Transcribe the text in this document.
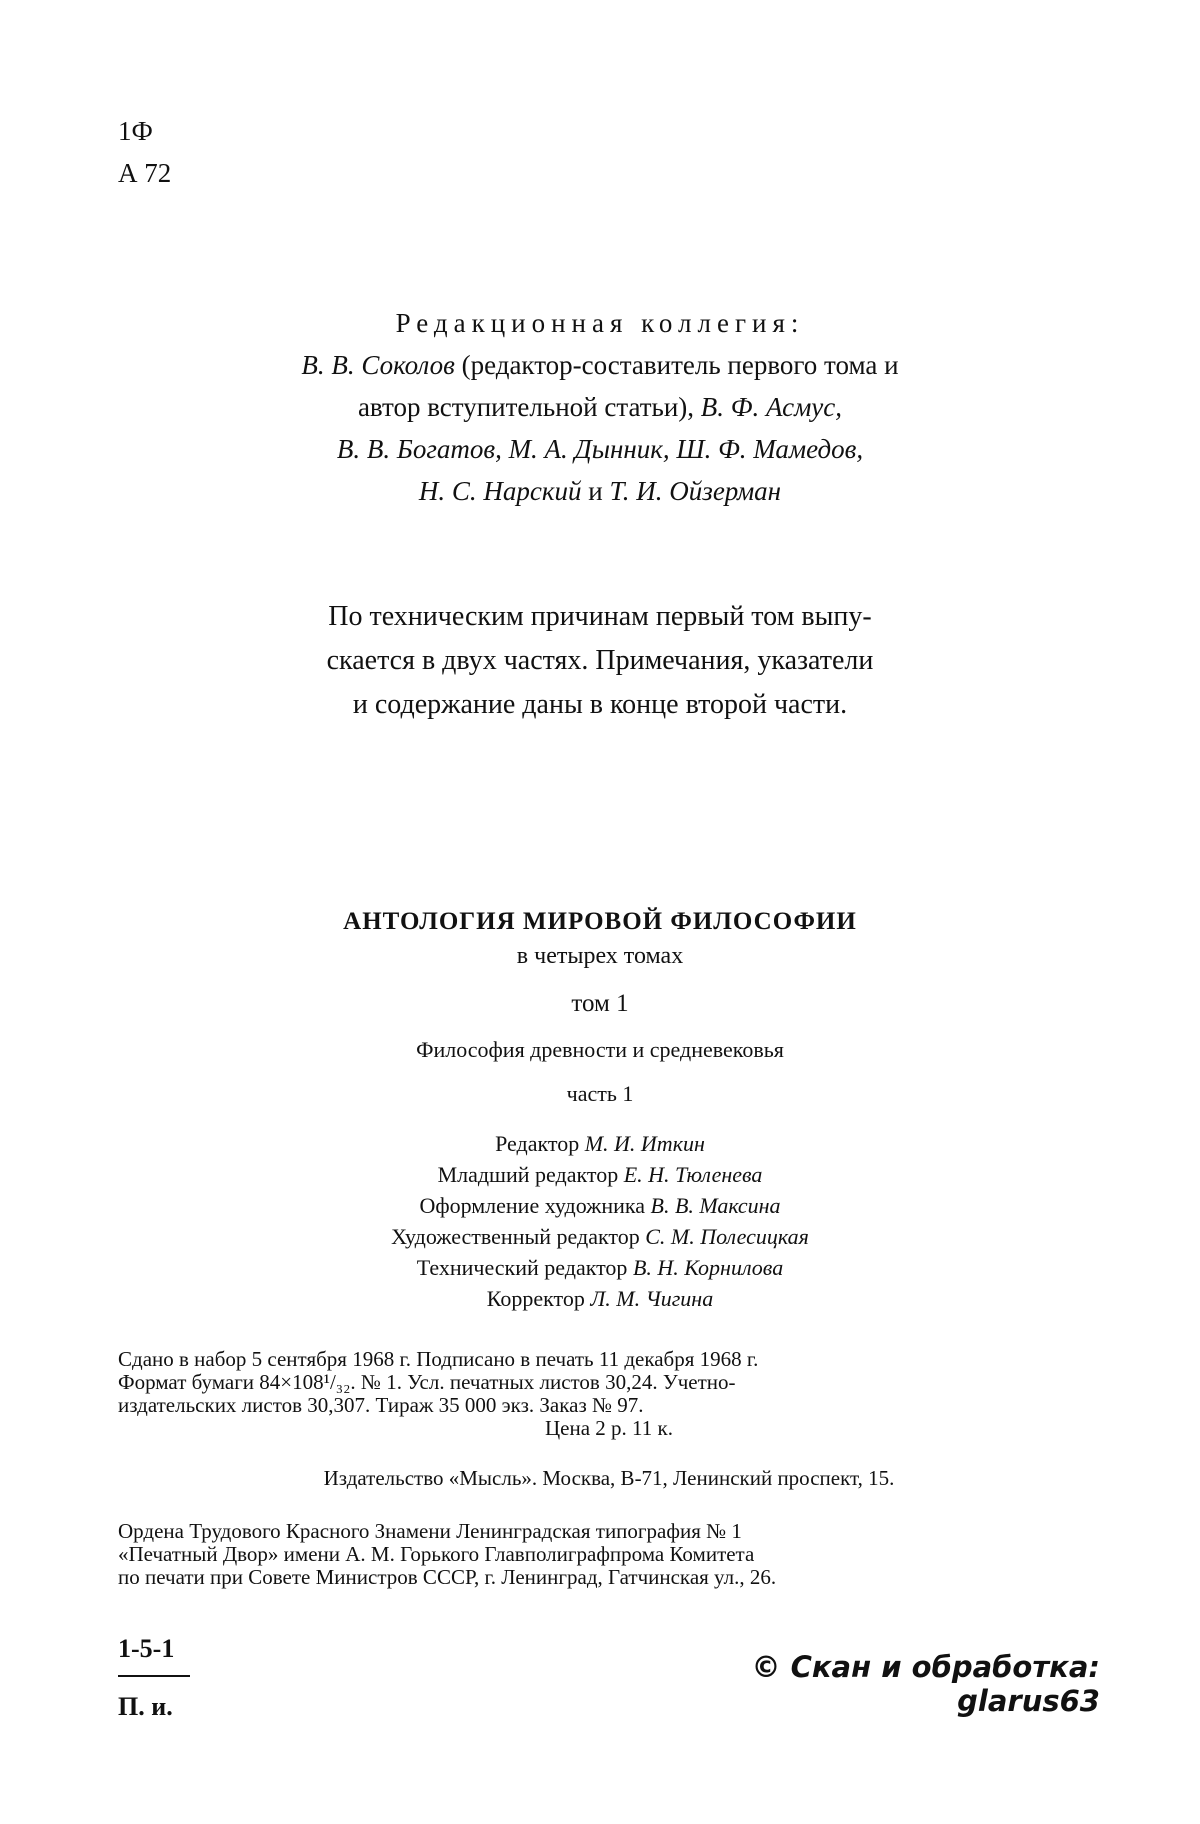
1Ф
А 72

Редакционная коллегия:

В. В. Соколов (редактор-составитель первого тома и

автор вступительной статьи), В. Ф. Асмус,

В. В. Богатов, М. А. Дынник, Ш. Ф. Мамедов,

Н. С. Нарский и Т. И. Ойзерман

По техническим причинам первый том выпу-

скается в двух частях. Примечания, указатели

и содержание даны в конце второй части.

АНТОЛОГИЯ МИРОВОЙ ФИЛОСОФИИ

в четырех томах

том 1

Философия древности и средневековья

часть 1

Редактор М. И. Иткин

Младший редактор Е. Н. Тюленева

Оформление художника В. В. Максина

Художественный редактор С. М. Полесицкая

Технический редактор В. Н. Корнилова

Корректор Л. М. Чигина

Сдано в набор 5 сентября 1968 г. Подписано в печать 11 декабря 1968 г.

Формат бумаги 84×108¹/₃₂. № 1. Усл. печатных листов 30,24. Учетно-

издательских листов 30,307. Тираж 35 000 экз. Заказ № 97.

Цена 2 р. 11 к.

Издательство «Мысль». Москва, В-71, Ленинский проспект, 15.

Ордена Трудового Красного Знамени Ленинградская типография № 1

«Печатный Двор» имени А. М. Горького Главполиграфпрома Комитета

по печати при Совете Министров СССР, г. Ленинград, Гатчинская ул., 26.

1-5-1
П. и.
© Скан и обработка: glarus63
